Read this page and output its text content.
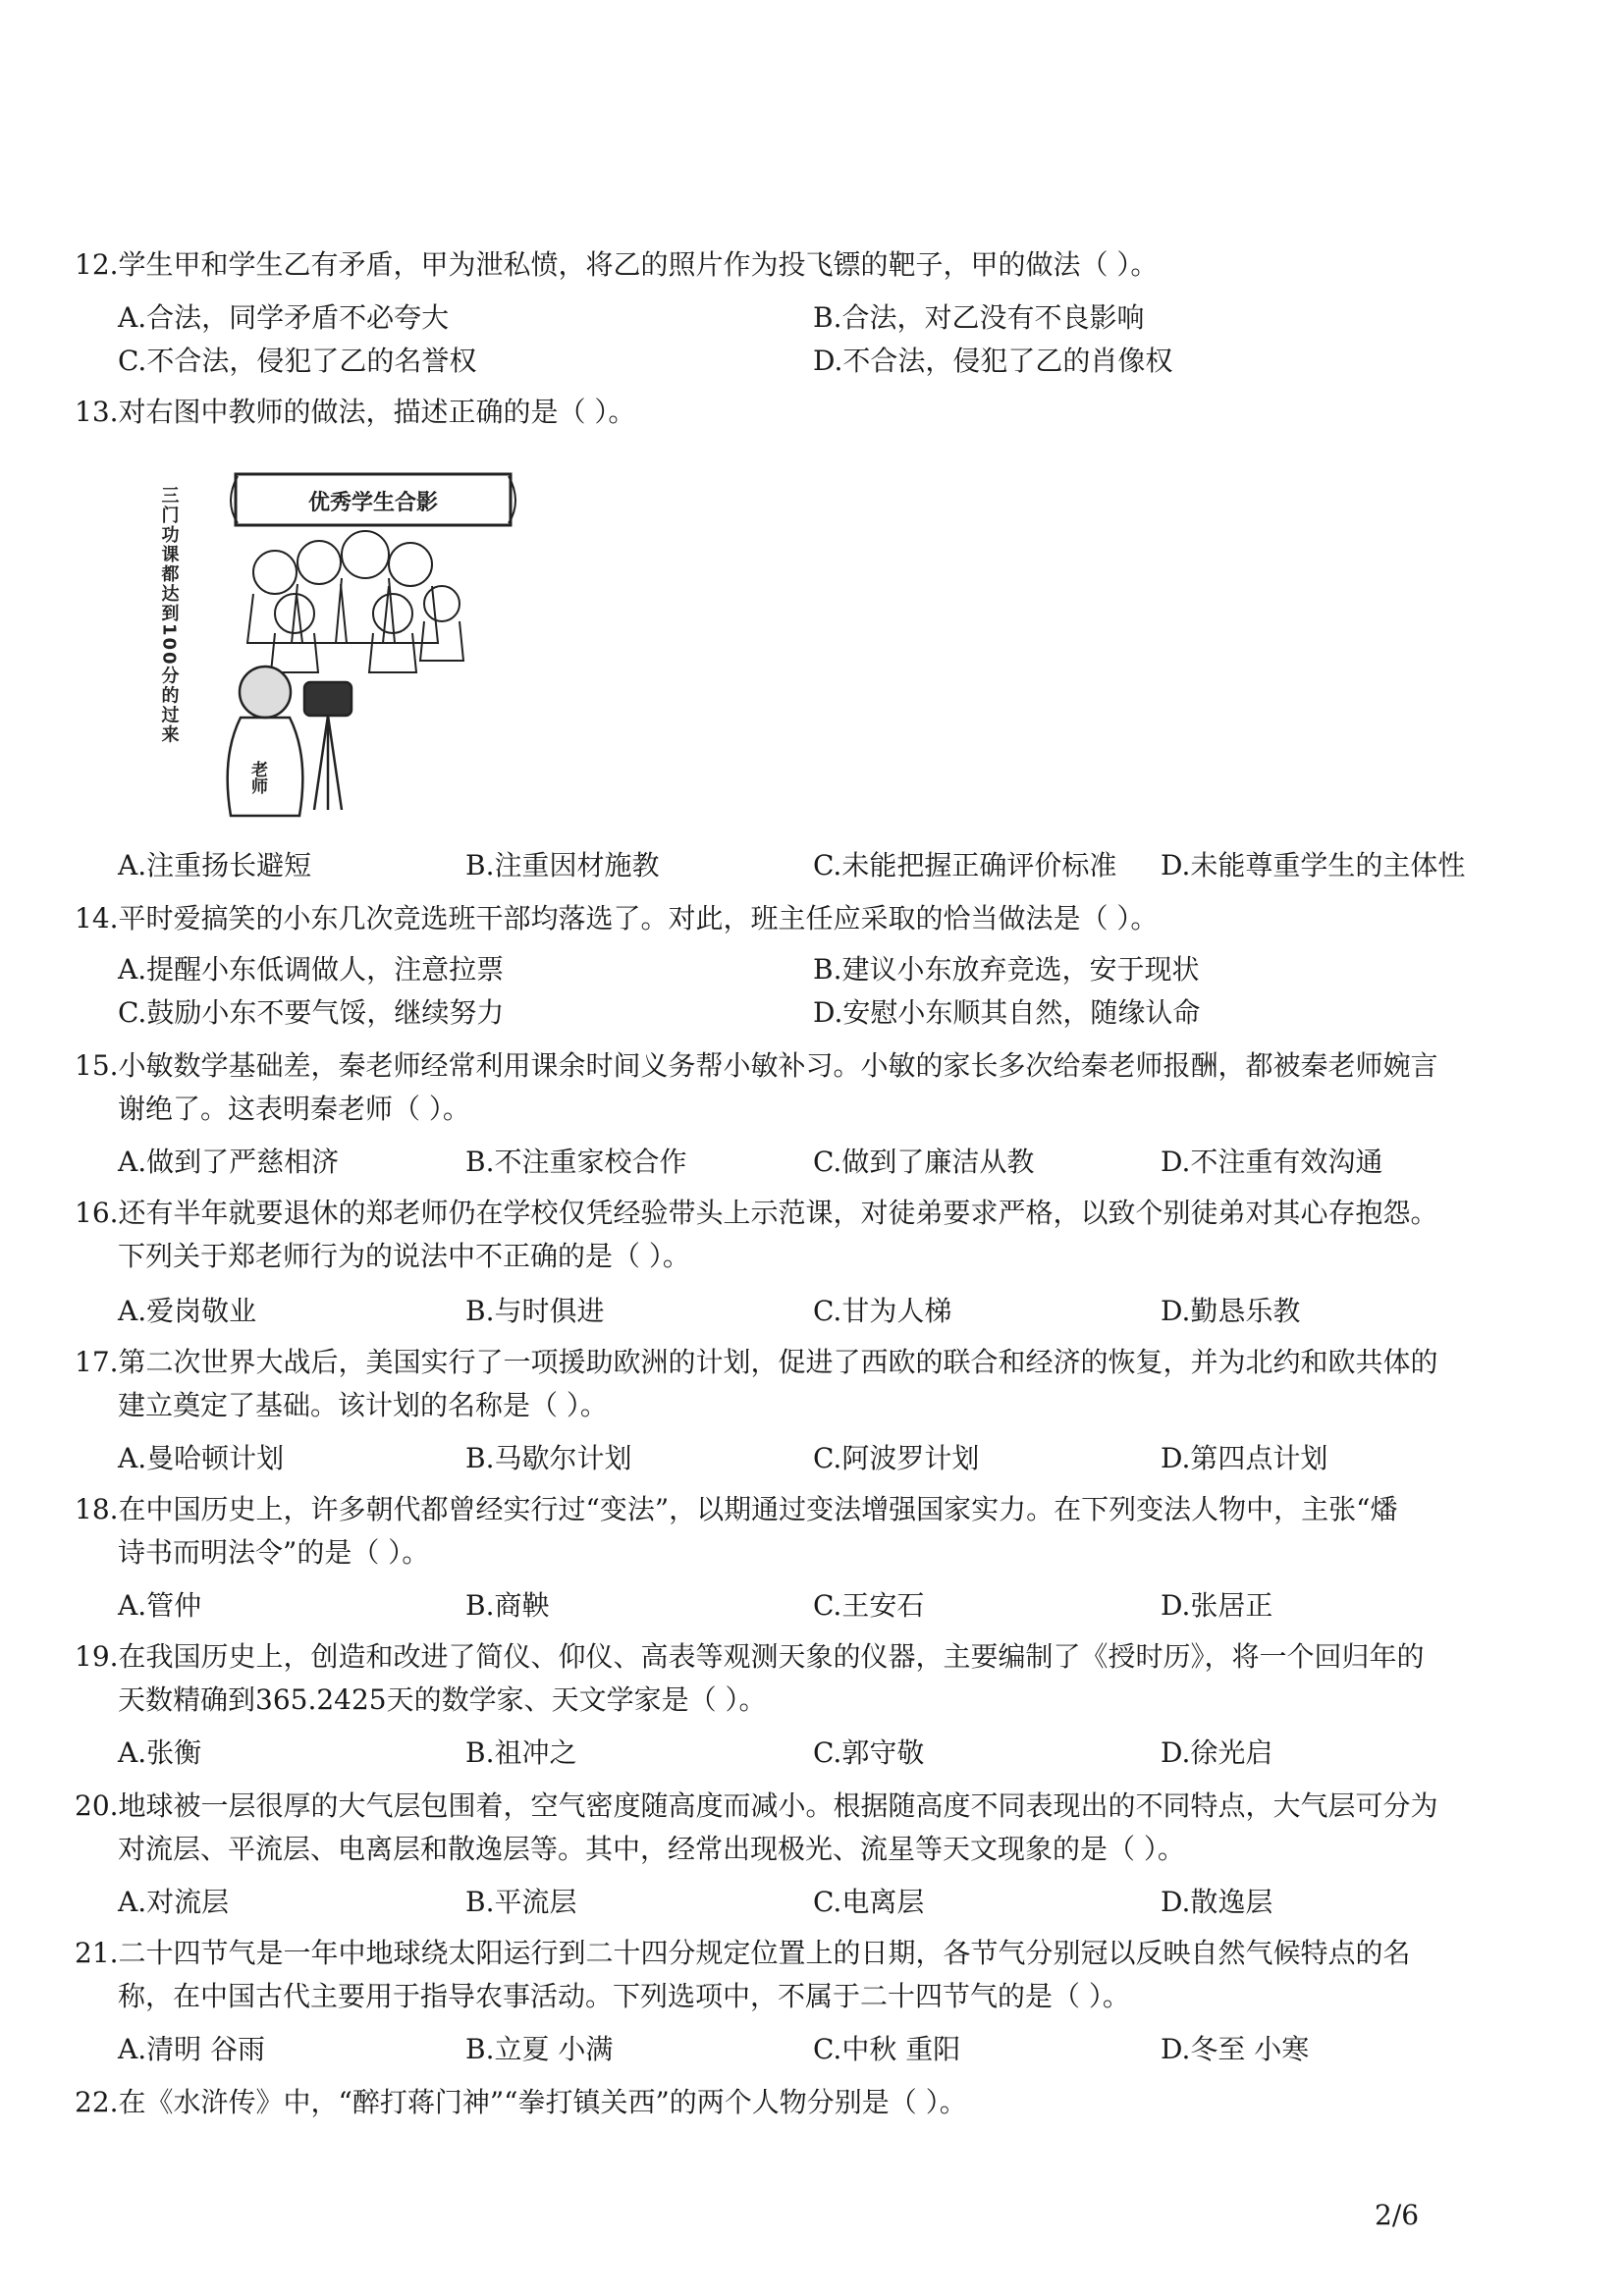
12.学生甲和学生乙有矛盾，甲为泄私愤，将乙的照片作为投飞镖的靶子，甲的做法（ ）。
A.合法，同学矛盾不必夸大	B.合法，对乙没有不良影响
C.不合法，侵犯了乙的名誉权	D.不合法，侵犯了乙的肖像权
13.对右图中教师的做法，描述正确的是（ ）。
优秀学生合影
三门功课都达到100分的过来
老师
A.注重扬长避短	B.注重因材施教	C.未能把握正确评价标准	D.未能尊重学生的主体性
14.平时爱搞笑的小东几次竞选班干部均落选了。对此，班主任应采取的恰当做法是（ ）。
A.提醒小东低调做人，注意拉票	B.建议小东放弃竞选，安于现状
C.鼓励小东不要气馁，继续努力	D.安慰小东顺其自然，随缘认命
15.小敏数学基础差，秦老师经常利用课余时间义务帮小敏补习。小敏的家长多次给秦老师报酬，都被秦老师婉言
谢绝了。这表明秦老师（ ）。
A.做到了严慈相济	B.不注重家校合作	C.做到了廉洁从教	D.不注重有效沟通
16.还有半年就要退休的郑老师仍在学校仅凭经验带头上示范课，对徒弟要求严格，以致个别徒弟对其心存抱怨。
下列关于郑老师行为的说法中不正确的是（ ）。
A.爱岗敬业	B.与时俱进	C.甘为人梯	D.勤恳乐教
17.第二次世界大战后，美国实行了一项援助欧洲的计划，促进了西欧的联合和经济的恢复，并为北约和欧共体的
建立奠定了基础。该计划的名称是（ ）。
A.曼哈顿计划	B.马歇尔计划	C.阿波罗计划	D.第四点计划
18.在中国历史上，许多朝代都曾经实行过“变法”，以期通过变法增强国家实力。在下列变法人物中，主张“燔
诗书而明法令”的是（ ）。
A.管仲	B.商鞅	C.王安石	D.张居正
19.在我国历史上，创造和改进了简仪、仰仪、高表等观测天象的仪器，主要编制了《授时历》，将一个回归年的
天数精确到365.2425天的数学家、天文学家是（ ）。
A.张衡	B.祖冲之	C.郭守敬	D.徐光启
20.地球被一层很厚的大气层包围着，空气密度随高度而减小。根据随高度不同表现出的不同特点，大气层可分为
对流层、平流层、电离层和散逸层等。其中，经常出现极光、流星等天文现象的是（ ）。
A.对流层	B.平流层	C.电离层	D.散逸层
21.二十四节气是一年中地球绕太阳运行到二十四分规定位置上的日期，各节气分别冠以反映自然气候特点的名
称，在中国古代主要用于指导农事活动。下列选项中，不属于二十四节气的是（ ）。
A.清明 谷雨	B.立夏 小满	C.中秋 重阳	D.冬至 小寒
22.在《水浒传》中，“醉打蒋门神”“拳打镇关西”的两个人物分别是（ ）。
2/6
